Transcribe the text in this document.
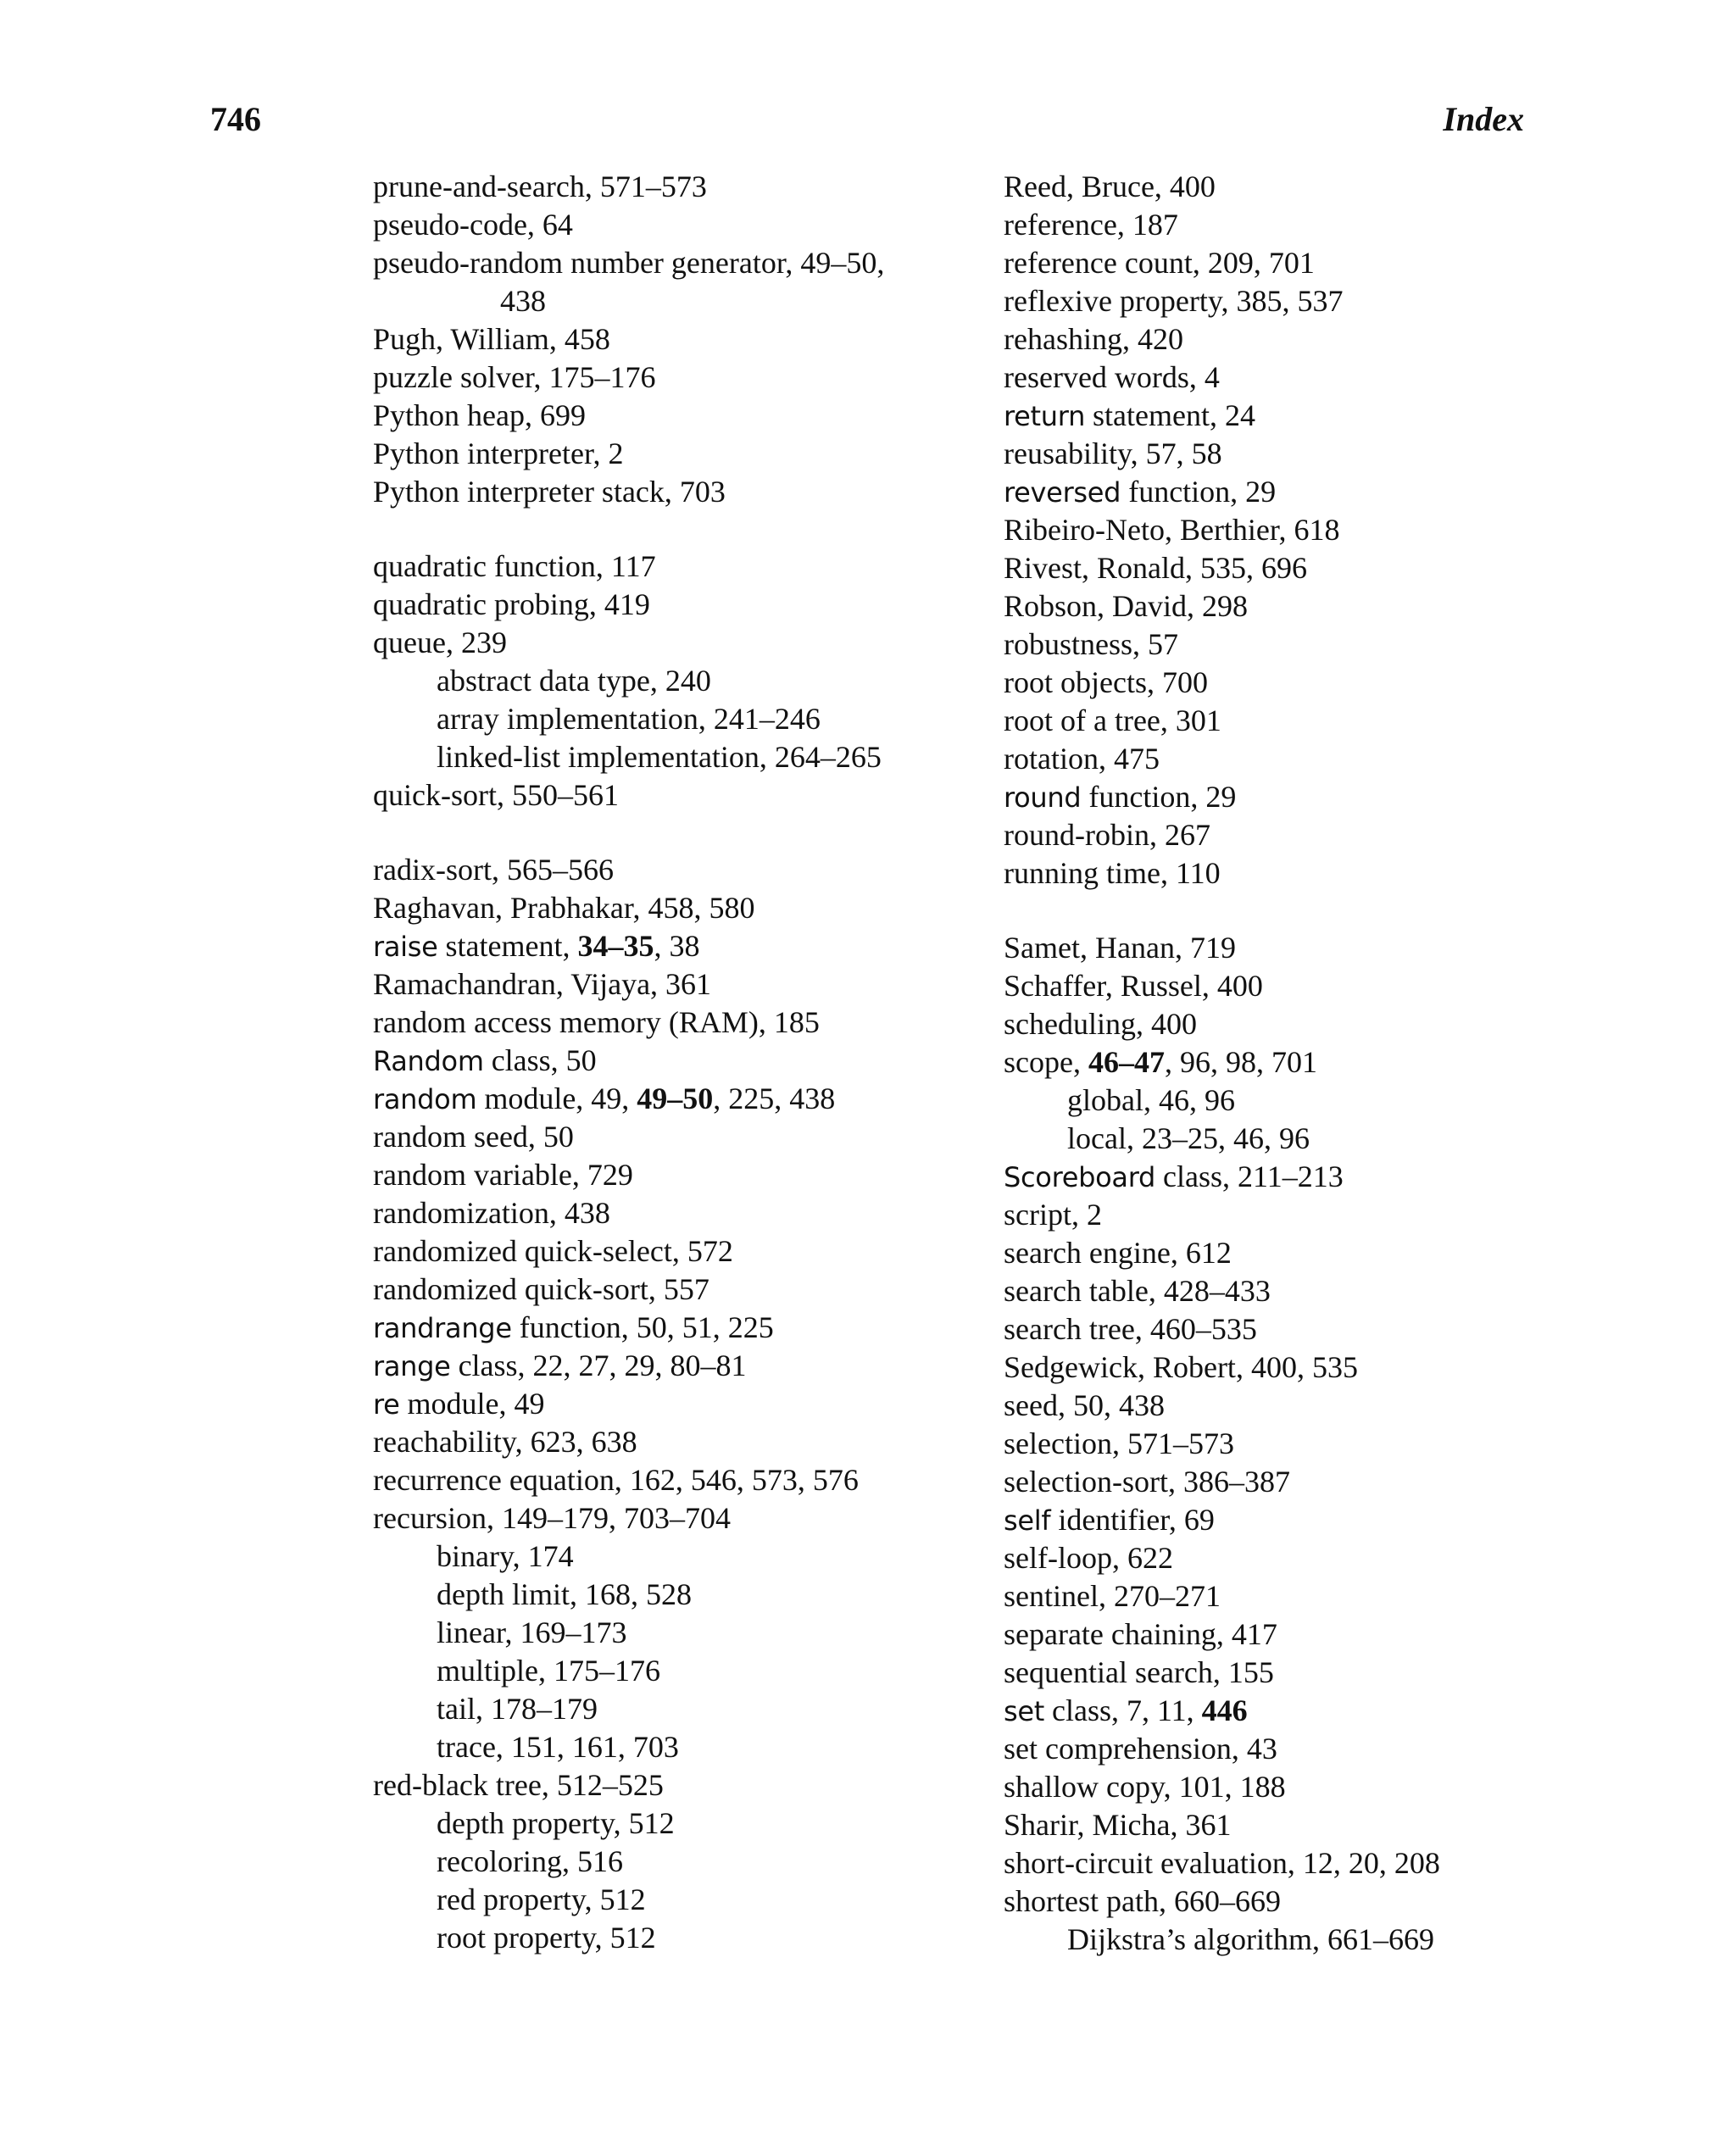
746	Index
prune-and-search, 571–573
pseudo-code, 64
pseudo-random number generator, 49–50,
438
Pugh, William, 458
puzzle solver, 175–176
Python heap, 699
Python interpreter, 2
Python interpreter stack, 703
quadratic function, 117
quadratic probing, 419
queue, 239
abstract data type, 240
array implementation, 241–246
linked-list implementation, 264–265
quick-sort, 550–561
radix-sort, 565–566
Raghavan, Prabhakar, 458, 580
raise statement, 34–35, 38
Ramachandran, Vijaya, 361
random access memory (RAM), 185
Random class, 50
random module, 49, 49–50, 225, 438
random seed, 50
random variable, 729
randomization, 438
randomized quick-select, 572
randomized quick-sort, 557
randrange function, 50, 51, 225
range class, 22, 27, 29, 80–81
re module, 49
reachability, 623, 638
recurrence equation, 162, 546, 573, 576
recursion, 149–179, 703–704
binary, 174
depth limit, 168, 528
linear, 169–173
multiple, 175–176
tail, 178–179
trace, 151, 161, 703
red-black tree, 512–525
depth property, 512
recoloring, 516
red property, 512
root property, 512
Reed, Bruce, 400
reference, 187
reference count, 209, 701
reflexive property, 385, 537
rehashing, 420
reserved words, 4
return statement, 24
reusability, 57, 58
reversed function, 29
Ribeiro-Neto, Berthier, 618
Rivest, Ronald, 535, 696
Robson, David, 298
robustness, 57
root objects, 700
root of a tree, 301
rotation, 475
round function, 29
round-robin, 267
running time, 110
Samet, Hanan, 719
Schaffer, Russel, 400
scheduling, 400
scope, 46–47, 96, 98, 701
global, 46, 96
local, 23–25, 46, 96
Scoreboard class, 211–213
script, 2
search engine, 612
search table, 428–433
search tree, 460–535
Sedgewick, Robert, 400, 535
seed, 50, 438
selection, 571–573
selection-sort, 386–387
self identifier, 69
self-loop, 622
sentinel, 270–271
separate chaining, 417
sequential search, 155
set class, 7, 11, 446
set comprehension, 43
shallow copy, 101, 188
Sharir, Micha, 361
short-circuit evaluation, 12, 20, 208
shortest path, 660–669
Dijkstra’s algorithm, 661–669
